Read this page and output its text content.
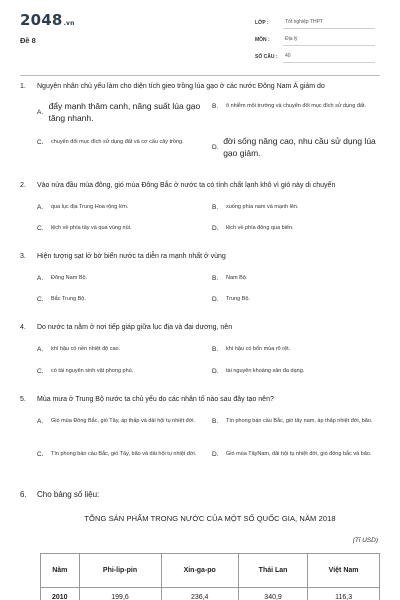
2048.vn
Đề 8
LỚP :	Tốt nghiệp THPT
MÔN :	Địa lý
SỐ CÂU :	40
1.	Nguyên nhân chủ yếu làm cho diện tích gieo trồng lúa gạo ở các nước Đông Nam Á giảm do
A.
đẩy mạnh thâm canh, nâng suất lúa gạo tăng nhanh.
B.	ô nhiễm môi trường và chuyển đổi mục đích sử dụng đất.
C.	chuyển đổi mục đích sử dụng đất và cơ cấu cây trồng.
D.
đời sống nâng cao, nhu cầu sử dụng lúa gạo giảm.
2.	Vào nửa đầu mùa đông, gió mùa Đông Bắc ở nước ta có tính chất lạnh khô vì gió này di chuyển
A.	qua lục địa Trung Hoa rộng lớn.	B.	xuống phía nam và mạnh lên.
C.	lệch về phía tây và qua vùng núi.	D.	lệch về phía đông qua biển.
3.	Hiện tượng sạt lở bờ biển nước ta diễn ra mạnh nhất ở vùng
A.	Đông Nam Bộ.	B.	Nam Bộ.
C.	Bắc Trung Bộ.	D.	Trung Bộ.
4.	Do nước ta nằm ở nơi tiếp giáp giữa lục địa và đại dương, nên
A.	khí hậu có nền nhiệt độ cao.	B.	khí hậu có bốn mùa rõ rệt.
C.	có tài nguyên sinh vật phong phú.	D.	tài nguyên khoáng sản đa dạng.
5.	Mùa mưa ở Trung Bộ nước ta chủ yếu do các nhân tố nào sau đây tạo nên?
A.	Gió mùa Đông Bắc, gió Tây, áp thấp và dải hội tụ nhiệt đới.	B.	Tín phong bán cầu Bắc, gió tây nam, áp thấp nhiệt đới, bão.
C.	Tín phong bán cầu Bắc, gió Tây, bão và dải hội tụ nhiệt đới. D.	Gió mùa TâyNam, dải hội tụ nhiệt đới, gió đông bắc và bão.
6.	Cho bảng số liệu:
TỔNG SẢN PHẨM TRONG NƯỚC CỦA MỘT SỐ QUỐC GIA, NĂM 2018
(Tỉ USD)
Năm	Phi-lip-pin	Xin-ga-po	Thái Lan	Việt Nam
2010	199,6	236,4	340,9	116,3
